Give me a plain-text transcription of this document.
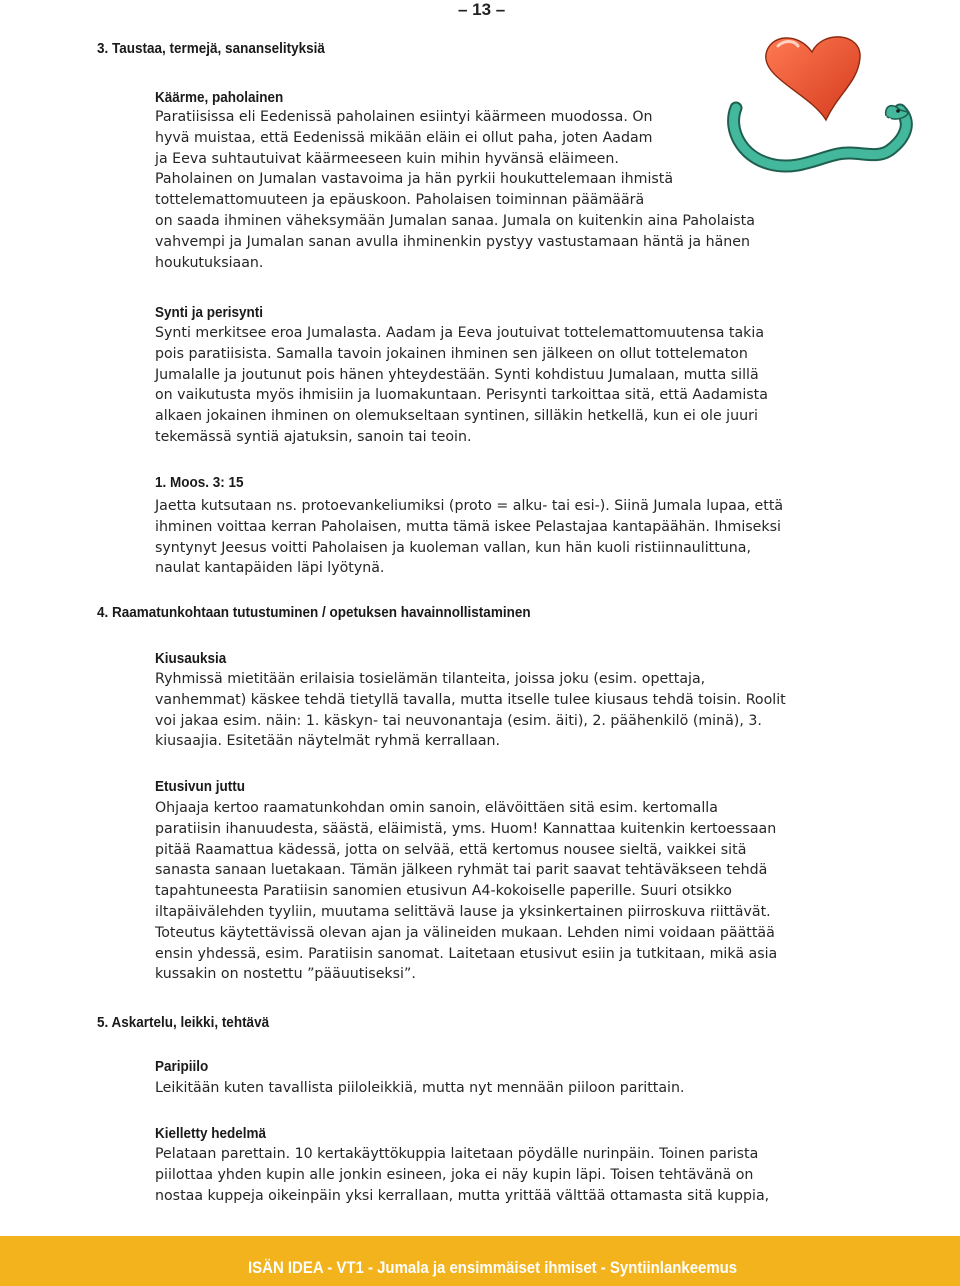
– 13 –
3. Taustaa, termejä, sananselityksiä
Käärme, paholainen
Paratiisissa eli Eedenissä paholainen esiintyi käärmeen muodossa. On
hyvä muistaa, että Eedenissä mikään eläin ei ollut paha, joten Aadam
ja Eeva suhtautuivat käärmeeseen kuin mihin hyvänsä eläimeen.
Paholainen on Jumalan vastavoima ja hän pyrkii houkuttelemaan ihmistä
tottelemattomuuteen ja epäuskoon. Paholaisen toiminnan päämäärä
on saada ihminen väheksymään Jumalan sanaa. Jumala on kuitenkin aina Paholaista
vahvempi ja Jumalan sanan avulla ihminenkin pystyy vastustamaan häntä ja hänen
houkutuksiaan.
Synti ja perisynti
Synti merkitsee eroa Jumalasta. Aadam ja Eeva joutuivat tottelemattomuutensa takia
pois paratiisista. Samalla tavoin jokainen ihminen sen jälkeen on ollut tottelematon
Jumalalle ja joutunut pois hänen yhteydestään. Synti kohdistuu Jumalaan, mutta sillä
on vaikutusta myös ihmisiin ja luomakuntaan. Perisynti tarkoittaa sitä, että Aadamista
alkaen jokainen ihminen on olemukseltaan syntinen, silläkin hetkellä, kun ei ole juuri
tekemässä syntiä ajatuksin, sanoin tai teoin.
1. Moos. 3: 15
Jaetta kutsutaan ns. protoevankeliumiksi (proto = alku- tai esi-). Siinä Jumala lupaa, että
ihminen voittaa kerran Paholaisen, mutta tämä iskee Pelastajaa kantapäähän. Ihmiseksi
syntynyt Jeesus voitti Paholaisen ja kuoleman vallan, kun hän kuoli ristiinnaulittuna,
naulat kantapäiden läpi lyötynä.
4. Raamatunkohtaan tutustuminen / opetuksen havainnollistaminen
Kiusauksia
Ryhmissä mietitään erilaisia tosielämän tilanteita, joissa joku (esim. opettaja,
vanhemmat) käskee tehdä tietyllä tavalla, mutta itselle tulee kiusaus tehdä toisin. Roolit
voi jakaa esim. näin: 1. käskyn- tai neuvonantaja (esim. äiti), 2. päähenkilö (minä), 3.
kiusaajia. Esitetään näytelmät ryhmä kerrallaan.
Etusivun juttu
Ohjaaja kertoo raamatunkohdan omin sanoin, elävöittäen sitä esim. kertomalla
paratiisin ihanuudesta, säästä, eläimistä, yms. Huom! Kannattaa kuitenkin kertoessaan
pitää Raamattua kädessä, jotta on selvää, että kertomus nousee sieltä, vaikkei sitä
sanasta sanaan luetakaan. Tämän jälkeen ryhmät tai parit saavat tehtäväkseen tehdä
tapahtuneesta Paratiisin sanomien etusivun A4-kokoiselle paperille. Suuri otsikko
iltapäivälehden tyyliin, muutama selittävä lause ja yksinkertainen piirroskuva riittävät.
Toteutus käytettävissä olevan ajan ja välineiden mukaan. Lehden nimi voidaan päättää
ensin yhdessä, esim. Paratiisin sanomat. Laitetaan etusivut esiin ja tutkitaan, mikä asia
kussakin on nostettu ”pääuutiseksi”.
5. Askartelu, leikki, tehtävä
Paripiilo
Leikitään kuten tavallista piiloleikkiä, mutta nyt mennään piiloon parittain.
Kielletty hedelmä
Pelataan parettain. 10 kertakäyttökuppia laitetaan pöydälle nurinpäin. Toinen parista
piilottaa yhden kupin alle jonkin esineen, joka ei näy kupin läpi. Toisen tehtävänä on
nostaa kuppeja oikeinpäin yksi kerrallaan, mutta yrittää välttää ottamasta sitä kuppia,
ISÄN IDEA - VT1 - Jumala ja ensimmäiset ihmiset - Syntiinlankeemus
